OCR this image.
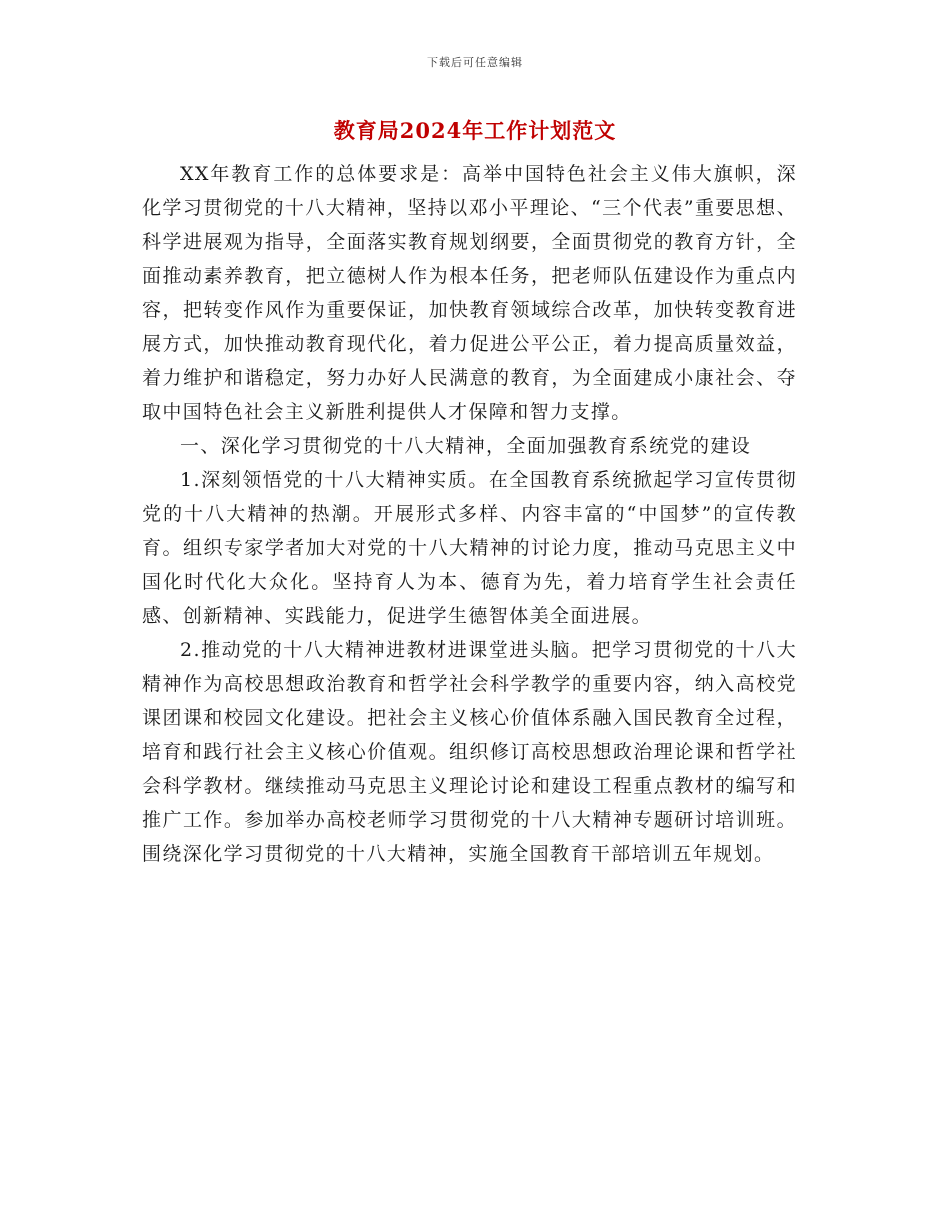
下载后可任意编辑
教育局2024年工作计划范文

XX年教育工作的总体要求是：高举中国特色社会主义伟大旗帜，深化学习贯彻党的十八大精神，坚持以邓小平理论、“三个代表”重要思想、科学进展观为指导，全面落实教育规划纲要，全面贯彻党的教育方针，全面推动素养教育，把立德树人作为根本任务，把老师队伍建设作为重点内容，把转变作风作为重要保证，加快教育领域综合改革，加快转变教育进展方式，加快推动教育现代化，着力促进公平公正，着力提高质量效益，着力维护和谐稳定，努力办好人民满意的教育，为全面建成小康社会、夺取中国特色社会主义新胜利提供人才保障和智力支撑。

一、深化学习贯彻党的十八大精神，全面加强教育系统党的建设

1.深刻领悟党的十八大精神实质。在全国教育系统掀起学习宣传贯彻党的十八大精神的热潮。开展形式多样、内容丰富的“中国梦”的宣传教育。组织专家学者加大对党的十八大精神的讨论力度，推动马克思主义中国化时代化大众化。坚持育人为本、德育为先，着力培育学生社会责任感、创新精神、实践能力，促进学生德智体美全面进展。

2.推动党的十八大精神进教材进课堂进头脑。把学习贯彻党的十八大精神作为高校思想政治教育和哲学社会科学教学的重要内容，纳入高校党课团课和校园文化建设。把社会主义核心价值体系融入国民教育全过程，培育和践行社会主义核心价值观。组织修订高校思想政治理论课和哲学社会科学教材。继续推动马克思主义理论讨论和建设工程重点教材的编写和推广工作。参加举办高校老师学习贯彻党的十八大精神专题研讨培训班。围绕深化学习贯彻党的十八大精神，实施全国教育干部培训五年规划。
